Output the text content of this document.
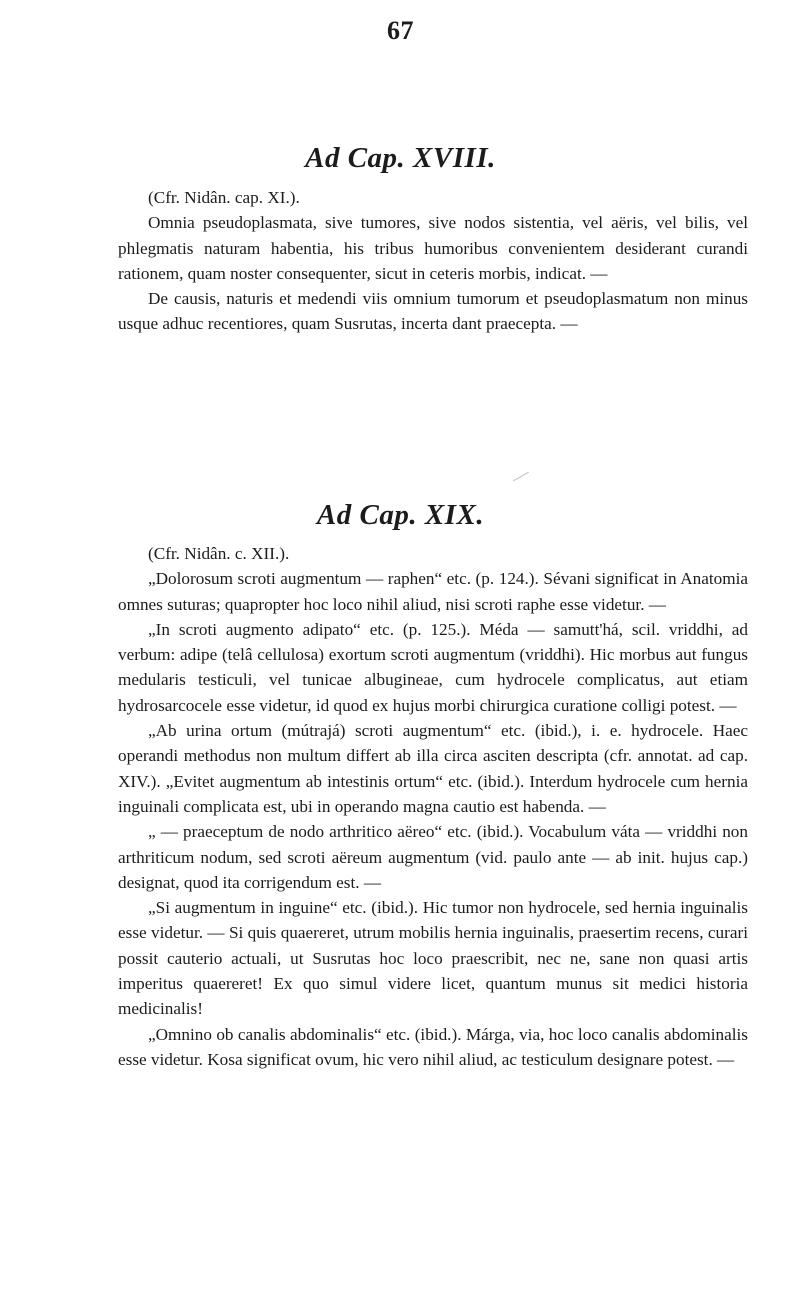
67
Ad Cap. XVIII.

(Cfr. Nidân. cap. XI.).

Omnia pseudoplasmata, sive tumores, sive nodos sistentia, vel aëris, vel bilis, vel phlegmatis naturam habentia, his tribus humoribus convenientem desiderant curandi rationem, quam noster consequenter, sicut in ceteris morbis, indicat. —

De causis, naturis et medendi viis omnium tumorum et pseudoplasmatum non minus usque adhuc recentiores, quam Susrutas, incerta dant praecepta. —

Ad Cap. XIX.

(Cfr. Nidân. c. XII.).

„Dolorosum scroti augmentum — raphen“ etc. (p. 124.). Sévani significat in Anatomia omnes suturas; quapropter hoc loco nihil aliud, nisi scroti raphe esse videtur. —

„In scroti augmento adipato“ etc. (p. 125.). Méda — samutt'há, scil. vriddhi, ad verbum: adipe (telâ cellulosa) exortum scroti augmentum (vriddhi). Hic morbus aut fungus medularis testiculi, vel tunicae albuginеae, cum hydrocele complicatus, aut etiam hydrosarcocele esse videtur, id quod ex hujus morbi chirurgica curatione colligi potest. —

„Ab urina ortum (mútrajá) scroti augmentum“ etc. (ibid.), i. e. hydrocele. Haec operandi methodus non multum differt ab illa circa ascitеn descripta (cfr. annotat. ad cap. XIV.). „Evitet augmentum ab intestinis ortum“ etc. (ibid.). Interdum hydrocele cum hernia inguinali complicata est, ubi in operando magna cautio est habenda. —

„ — praeceptum de nodo arthritico aëreo“ etc. (ibid.). Vocabulum váta — vriddhi non arthriticum nodum, sed scroti aëreum augmentum (vid. paulo ante — ab init. hujus cap.) designat, quod ita corrigendum est. —

„Si augmentum in inguine“ etc. (ibid.). Hic tumor non hydrocele, sed hernia inguinalis esse videtur. — Si quis quaereret, utrum mobilis hernia inguinalis, praesertim recens, curari possit cauterio actuali, ut Susrutas hoc loco praescribit, nec ne, sane non quasi artis imperitus quaereret! Ex quo simul videre licet, quantum munus sit medici historia medicinalis!

„Omnino ob canalis abdominalis“ etc. (ibid.). Márga, via, hoc loco canalis abdominalis esse videtur. Kosa significat ovum, hic vero nihil aliud, ac testiculum designare potest. —
